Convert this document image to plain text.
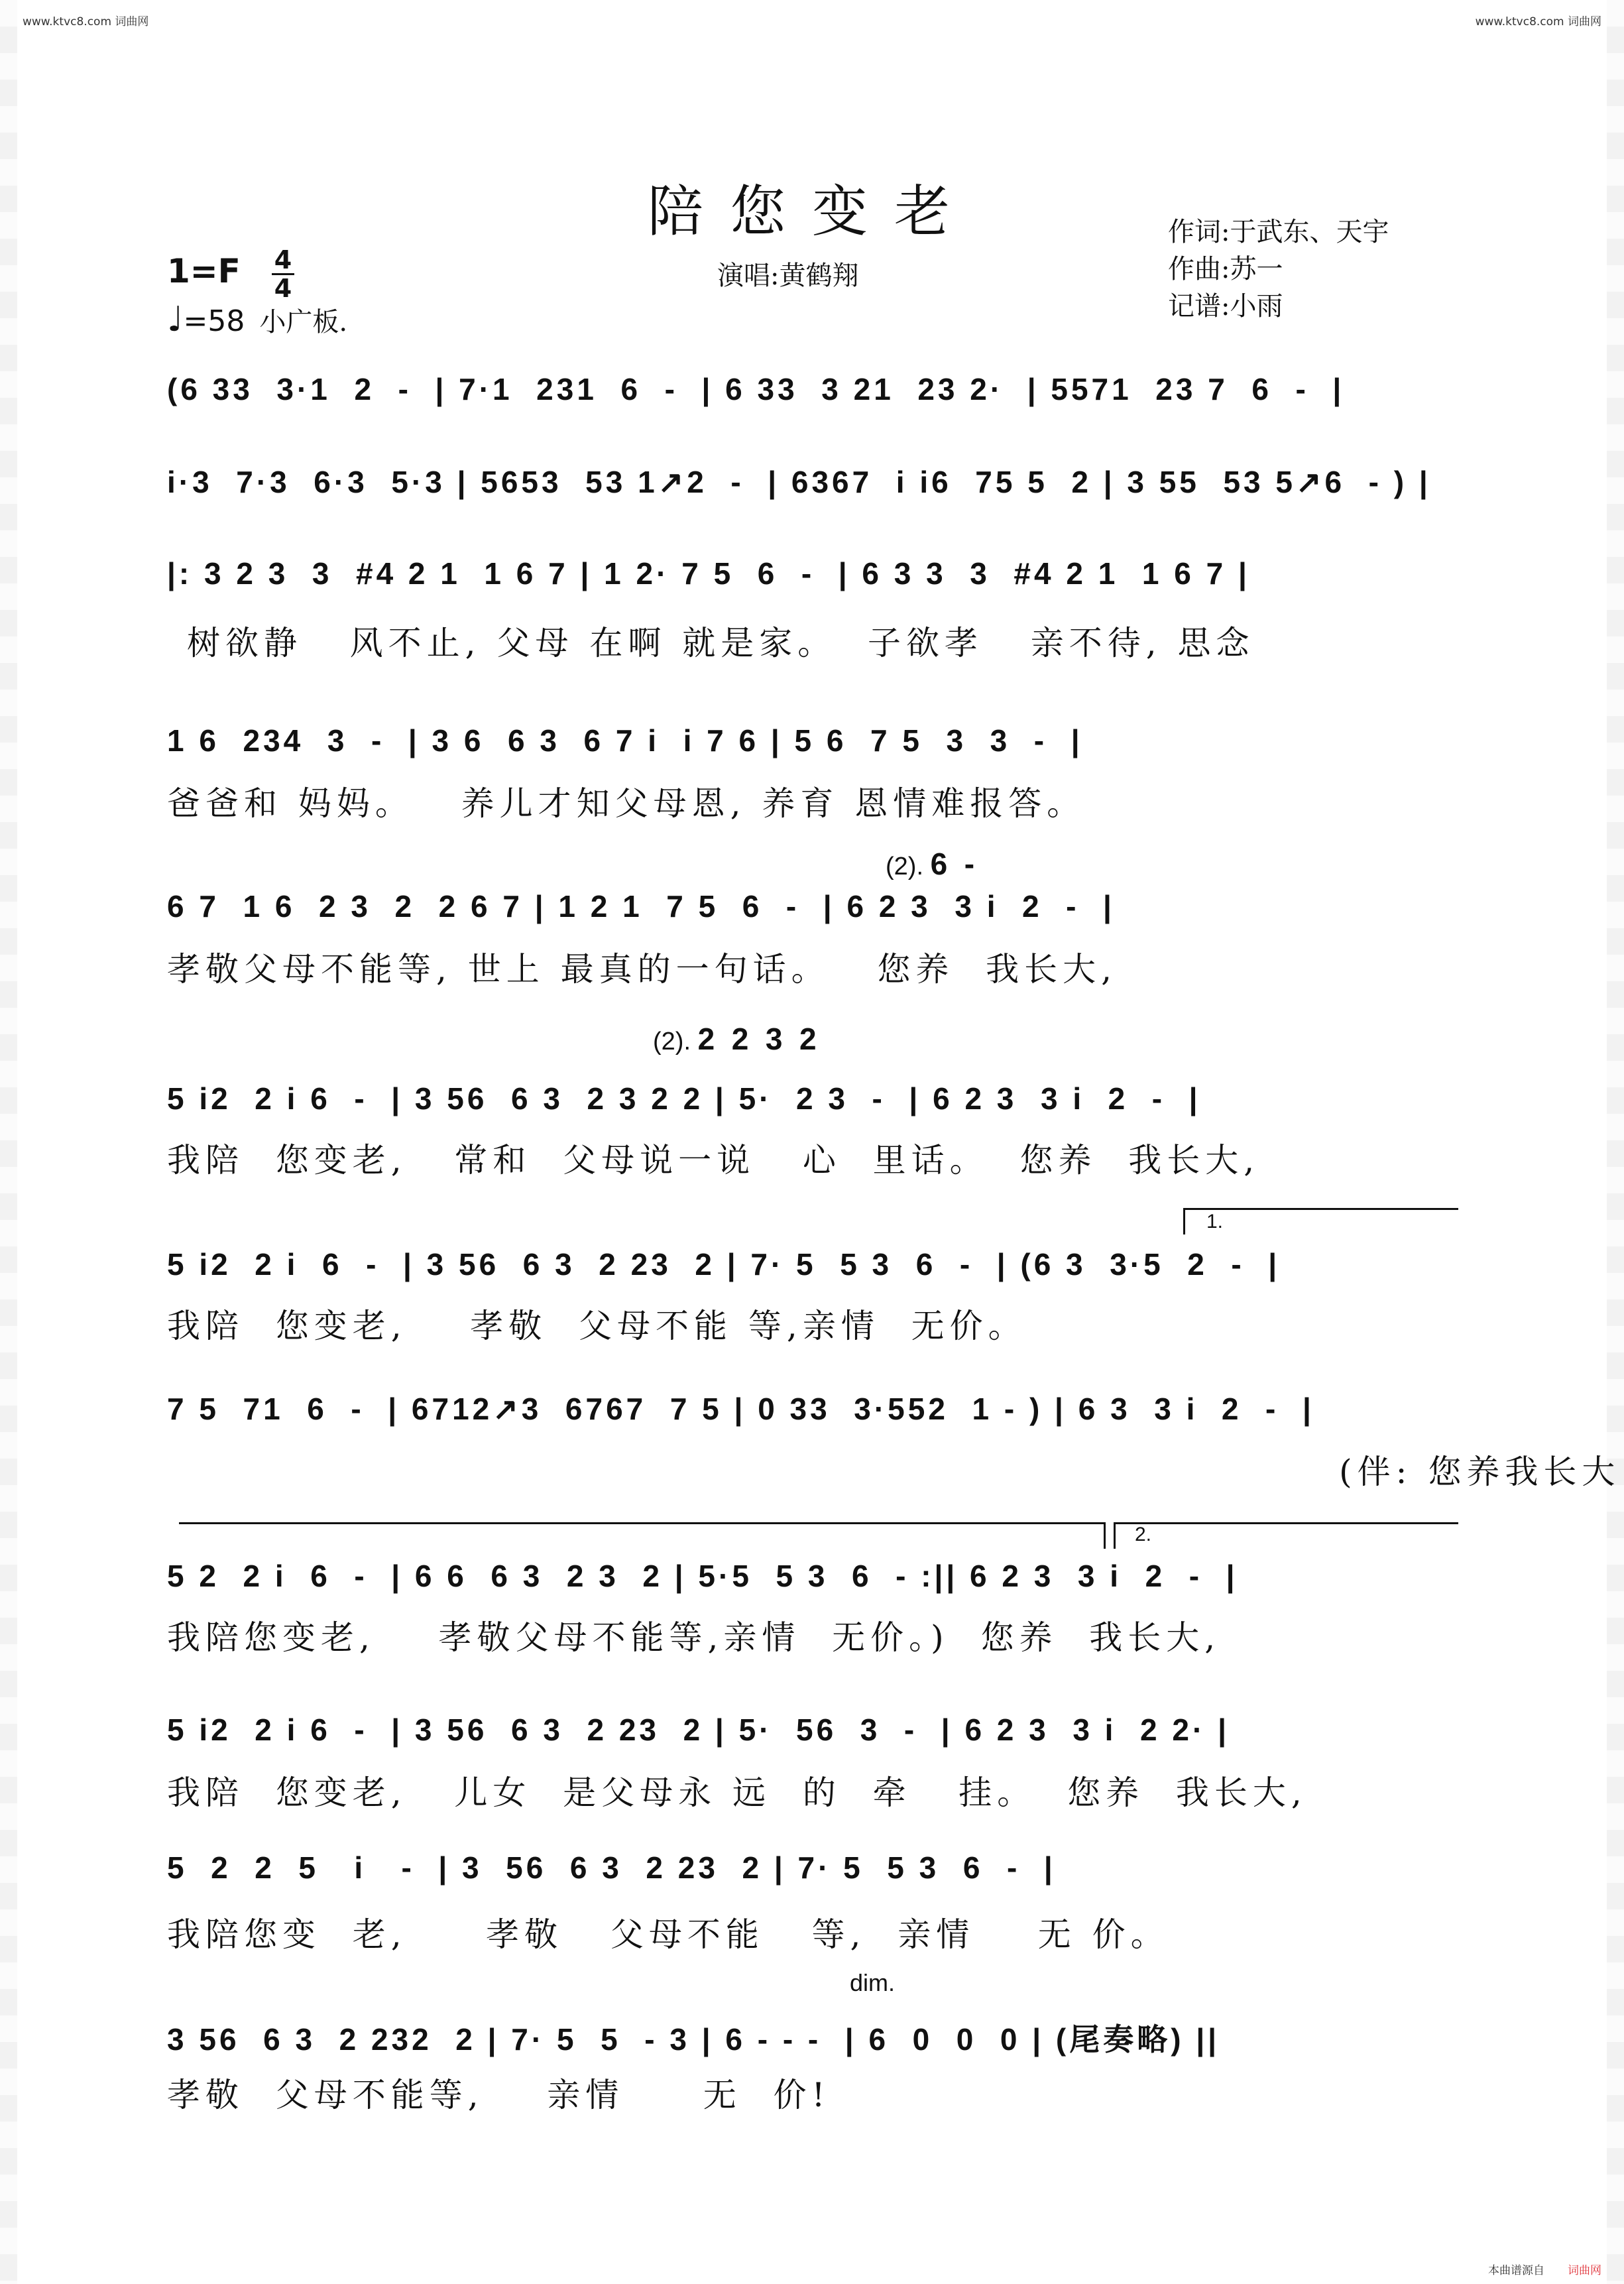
www.ktvc8.com 词曲网	www.ktvc8.com 词曲网
陪您变老	作词:于武东、天宇
作曲:苏一
记谱:小雨
演唱:黄鹤翔
1=F 4
4
♩=58 小广板.
(6 33  3·1  2  -  | 7·1  231  6  -  | 6 33  3 21  23 2·  | 5571  23 7  6  -  |
i·3  7·3  6·3  5·3 | 5653  53 1↗2  -  | 6367  i i6  75 5  2 | 3 55  53 5↗6  - ) |
|: 3 2 3  3  #4 2 1  1 6 7 | 1 2· 7 5  6  -  | 6 3 3  3  #4 2 1  1 6 7 |
树欲静   风不止, 父母 在啊 就是家。  子欲孝   亲不待, 思念
1 6  234  3  -  | 3 6  6 3  6 7 i  i 7 6 | 5 6  7 5  3  3  -  |
爸爸和 妈妈。   养儿才知父母恩, 养育 恩情难报答。
(2). 6  -
6 7  1 6  2 3  2  2 6 7 | 1 2 1  7 5  6  -  | 6 2 3  3 i  2  -  |
孝敬父母不能等, 世上 最真的一句话。   您养  我长大,
(2). 2  2  3  2
5 i2  2 i 6  -  | 3 56  6 3  2 3 2 2 | 5·  2 3  -  | 6 2 3  3 i  2  -  |
我陪  您变老,   常和  父母说一说   心  里话。  您养  我长大,
1.
5 i2  2 i  6  -  | 3 56  6 3  2 23  2 | 7· 5  5 3  6  -  | (6 3  3·5  2  -  |
我陪  您变老,    孝敬  父母不能 等,亲情  无价。
7 5  71  6  -  | 6712↗3  6767  7 5 | 0 33  3·552  1 - ) | 6 3  3 i  2  -  |
(伴: 您养我长大
2.
5 2  2 i  6  -  | 6 6  6 3  2 3  2 | 5·5  5 3  6  - :|| 6 2 3  3 i  2  -  |
我陪您变老,    孝敬父母不能等,亲情  无价。)  您养  我长大,
5 i2  2 i 6  -  | 3 56  6 3  2 23  2 | 5·  56  3  -  | 6 2 3  3 i  2 2· |
我陪  您变老,   儿女  是父母永 远  的  牵   挂。  您养  我长大,
5  2  2  5   i   -  | 3  56  6 3  2 23  2 | 7· 5  5 3  6  -  |
我陪您变  老,     孝敬   父母不能   等,  亲情    无 价。
dim.
3 56  6 3  2 232  2 | 7· 5  5  - 3 | 6 - - -  | 6  0  0  0 | (尾奏略) ||
孝敬  父母不能等,    亲情     无  价!
本曲谱源自 词曲网
